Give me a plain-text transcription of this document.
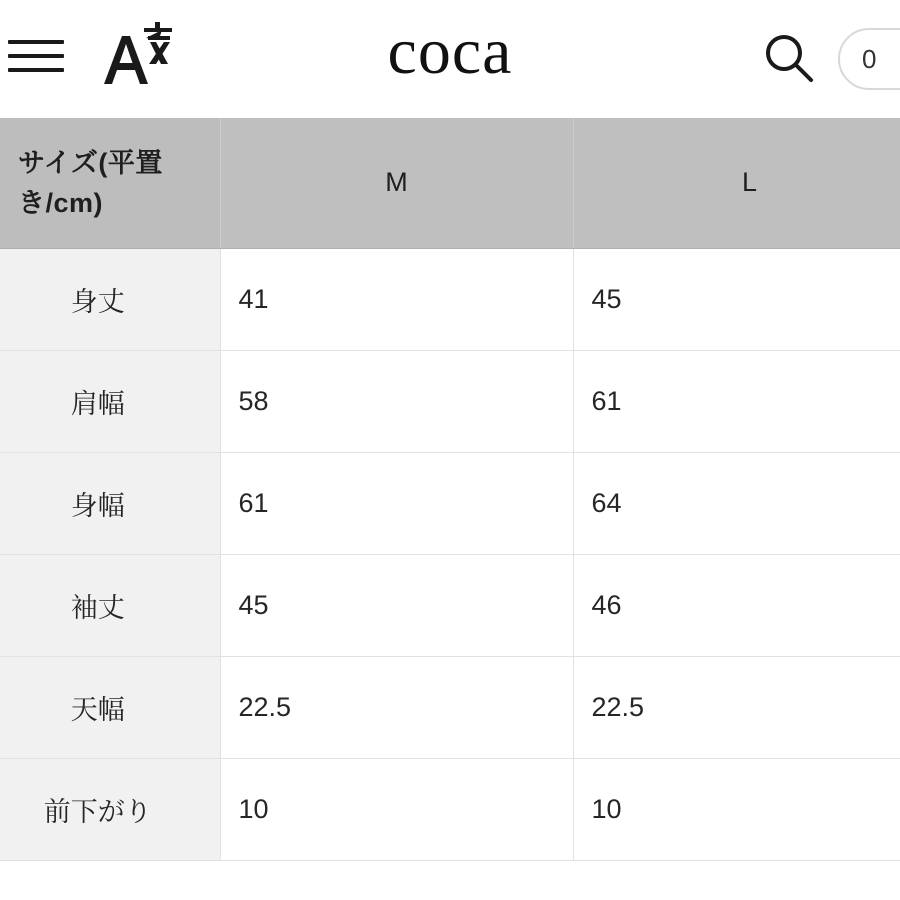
coca	0
サイズ(平置き/cm)	M	L	
身丈	41	45	
肩幅	58	61	
身幅	61	64	
袖丈	45	46	
天幅	22.5	22.5	
前下がり	10	10	
